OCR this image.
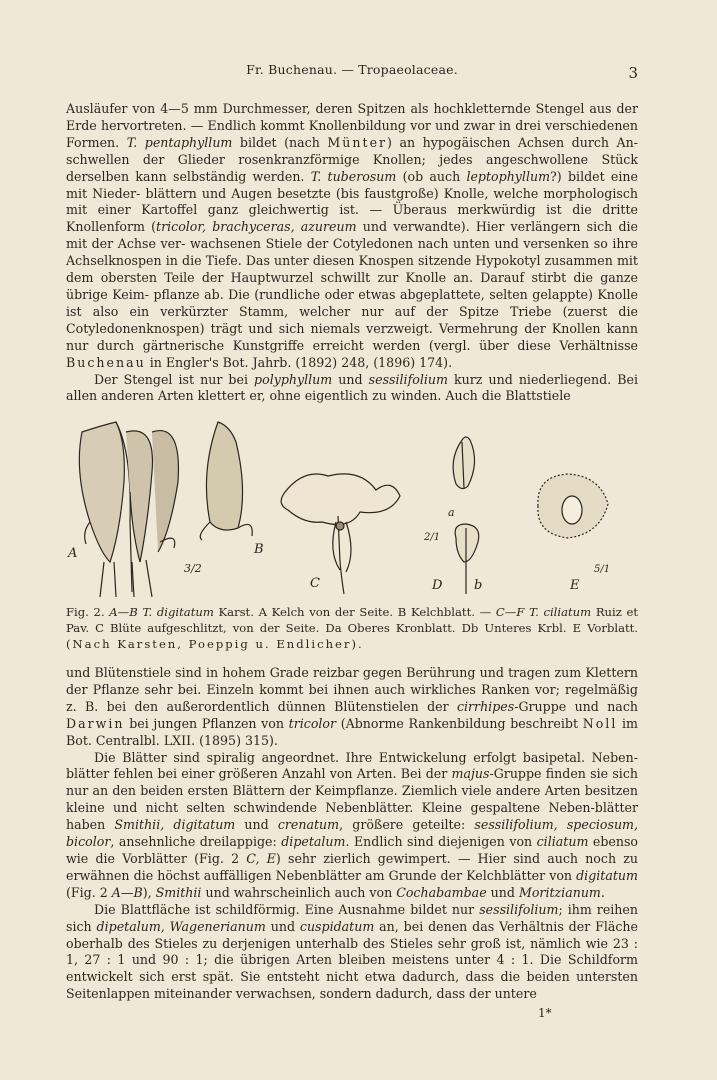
Fr. Buchenau. — Tropaeolaceae.	3

Ausläufer von 4—5 mm Durchmesser, deren Spitzen als hochkletternde Stengel aus der Erde hervortreten. — Endlich kommt Knollenbildung vor und zwar in drei verschiedenen Formen. T. pentaphyllum bildet (nach Münter) an hypogäischen Achsen durch An- schwellen der Glieder rosenkranzförmige Knollen; jedes angeschwollene Stück derselben kann selbständig werden. T. tuberosum (ob auch leptophyllum?) bildet eine mit Nieder- blättern und Augen besetzte (bis faustgroße) Knolle, welche morphologisch mit einer Kartoffel ganz gleichwertig ist. — Überaus merkwürdig ist die dritte Knollenform (tricolor, brachyceras, azureum und verwandte). Hier verlängern sich die mit der Achse ver- wachsenen Stiele der Cotyledonen nach unten und versenken so ihre Achselknospen in die Tiefe. Das unter diesen Knospen sitzende Hypokotyl zusammen mit dem obersten Teile der Hauptwurzel schwillt zur Knolle an. Darauf stirbt die ganze übrige Keim- pflanze ab. Die (rundliche oder etwas abgeplattete, selten gelappte) Knolle ist also ein verkürzter Stamm, welcher nur auf der Spitze Triebe (zuerst die Cotyledonenknospen) trägt und sich niemals verzweigt. Vermehrung der Knollen kann nur durch gärtnerische Kunstgriffe erreicht werden (vergl. über diese Verhältnisse Buchenau in Engler's Bot. Jahrb. (1892) 248, (1896) 174).

Der Stengel ist nur bei polyphyllum und sessilifolium kurz und niederliegend. Bei allen anderen Arten klettert er, ohne eigentlich zu winden. Auch die Blattstiele

A
3/2
B
C
a
2/1
D b	E
5/1
Fig. 2. A—B T. digitatum Karst. A Kelch von der Seite. B Kelchblatt. — C—F T. ciliatum Ruiz et Pav. C Blüte aufgeschlitzt, von der Seite. Da Oberes Kronblatt. Db Unteres Krbl. E Vorblatt. (Nach Karsten, Poeppig u. Endlicher).

und Blütenstiele sind in hohem Grade reizbar gegen Berührung und tragen zum Klettern der Pflanze sehr bei. Einzeln kommt bei ihnen auch wirkliches Ranken vor; regelmäßig z. B. bei den außerordentlich dünnen Blütenstielen der cirrhipes-Gruppe und nach Darwin bei jungen Pflanzen von tricolor (Abnorme Rankenbildung beschreibt Noll im Bot. Centralbl. LXII. (1895) 315).

Die Blätter sind spiralig angeordnet. Ihre Entwickelung erfolgt basipetal. Neben-blätter fehlen bei einer größeren Anzahl von Arten. Bei der majus-Gruppe finden sie sich nur an den beiden ersten Blättern der Keimpflanze. Ziemlich viele andere Arten besitzen kleine und nicht selten schwindende Nebenblätter. Kleine gespaltene Neben-blätter haben Smithii, digitatum und crenatum, größere geteilte: sessilifolium, speciosum, bicolor, ansehnliche dreilappige: dipetalum. Endlich sind diejenigen von ciliatum ebenso wie die Vorblätter (Fig. 2 C, E) sehr zierlich gewimpert. — Hier sind auch noch zu erwähnen die höchst auffälligen Nebenblätter am Grunde der Kelchblätter von digitatum (Fig. 2 A—B), Smithii und wahrscheinlich auch von Cochabambae und Moritzianum.

Die Blattfläche ist schildförmig. Eine Ausnahme bildet nur sessilifolium; ihm reihen sich dipetalum, Wagenerianum und cuspidatum an, bei denen das Verhältnis der Fläche oberhalb des Stieles zu derjenigen unterhalb des Stieles sehr groß ist, nämlich wie 23 : 1, 27 : 1 und 90 : 1; die übrigen Arten bleiben meistens unter 4 : 1. Die Schildform entwickelt sich erst spät. Sie entsteht nicht etwa dadurch, dass die beiden untersten Seitenlappen miteinander verwachsen, sondern dadurch, dass der untere

1*
